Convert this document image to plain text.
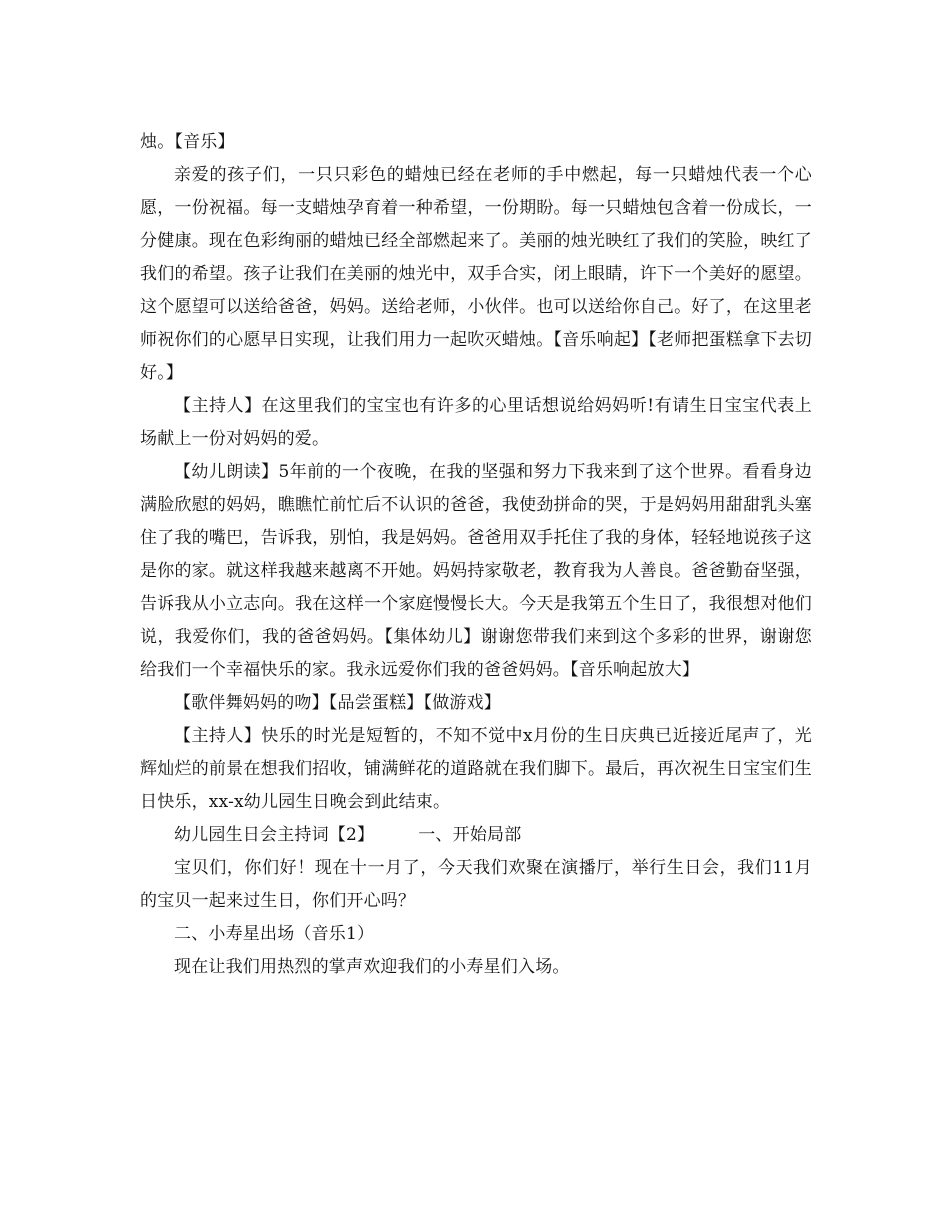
烛。【音乐】

亲爱的孩子们，一只只彩色的蜡烛已经在老师的手中燃起，每一只蜡烛代表一个心愿，一份祝福。每一支蜡烛孕育着一种希望，一份期盼。每一只蜡烛包含着一份成长，一分健康。现在色彩绚丽的蜡烛已经全部燃起来了。美丽的烛光映红了我们的笑脸，映红了我们的希望。孩子让我们在美丽的烛光中，双手合实，闭上眼睛，许下一个美好的愿望。这个愿望可以送给爸爸，妈妈。送给老师，小伙伴。也可以送给你自己。好了，在这里老师祝你们的心愿早日实现，让我们用力一起吹灭蜡烛。【音乐响起】【老师把蛋糕拿下去切好。】

【主持人】在这里我们的宝宝也有许多的心里话想说给妈妈听!有请生日宝宝代表上场献上一份对妈妈的爱。

【幼儿朗读】5年前的一个夜晚，在我的坚强和努力下我来到了这个世界。看看身边满脸欣慰的妈妈，瞧瞧忙前忙后不认识的爸爸，我使劲拼命的哭，于是妈妈用甜甜乳头塞住了我的嘴巴，告诉我，别怕，我是妈妈。爸爸用双手托住了我的身体，轻轻地说孩子这是你的家。就这样我越来越离不开她。妈妈持家敬老，教育我为人善良。爸爸勤奋坚强，告诉我从小立志向。我在这样一个家庭慢慢长大。今天是我第五个生日了，我很想对他们说，我爱你们，我的爸爸妈妈。【集体幼儿】谢谢您带我们来到这个多彩的世界，谢谢您给我们一个幸福快乐的家。我永远爱你们我的爸爸妈妈。【音乐响起放大】

【歌伴舞妈妈的吻】【品尝蛋糕】【做游戏】

【主持人】快乐的时光是短暂的，不知不觉中x月份的生日庆典已近接近尾声了，光辉灿烂的前景在想我们招收，铺满鲜花的道路就在我们脚下。最后，再次祝生日宝宝们生日快乐，xx-x幼儿园生日晚会到此结束。

幼儿园生日会主持词【2】	一、开始局部

宝贝们，你们好！现在十一月了，今天我们欢聚在演播厅，举行生日会，我们11月的宝贝一起来过生日，你们开心吗？

二、小寿星出场（音乐1）

现在让我们用热烈的掌声欢迎我们的小寿星们入场。
